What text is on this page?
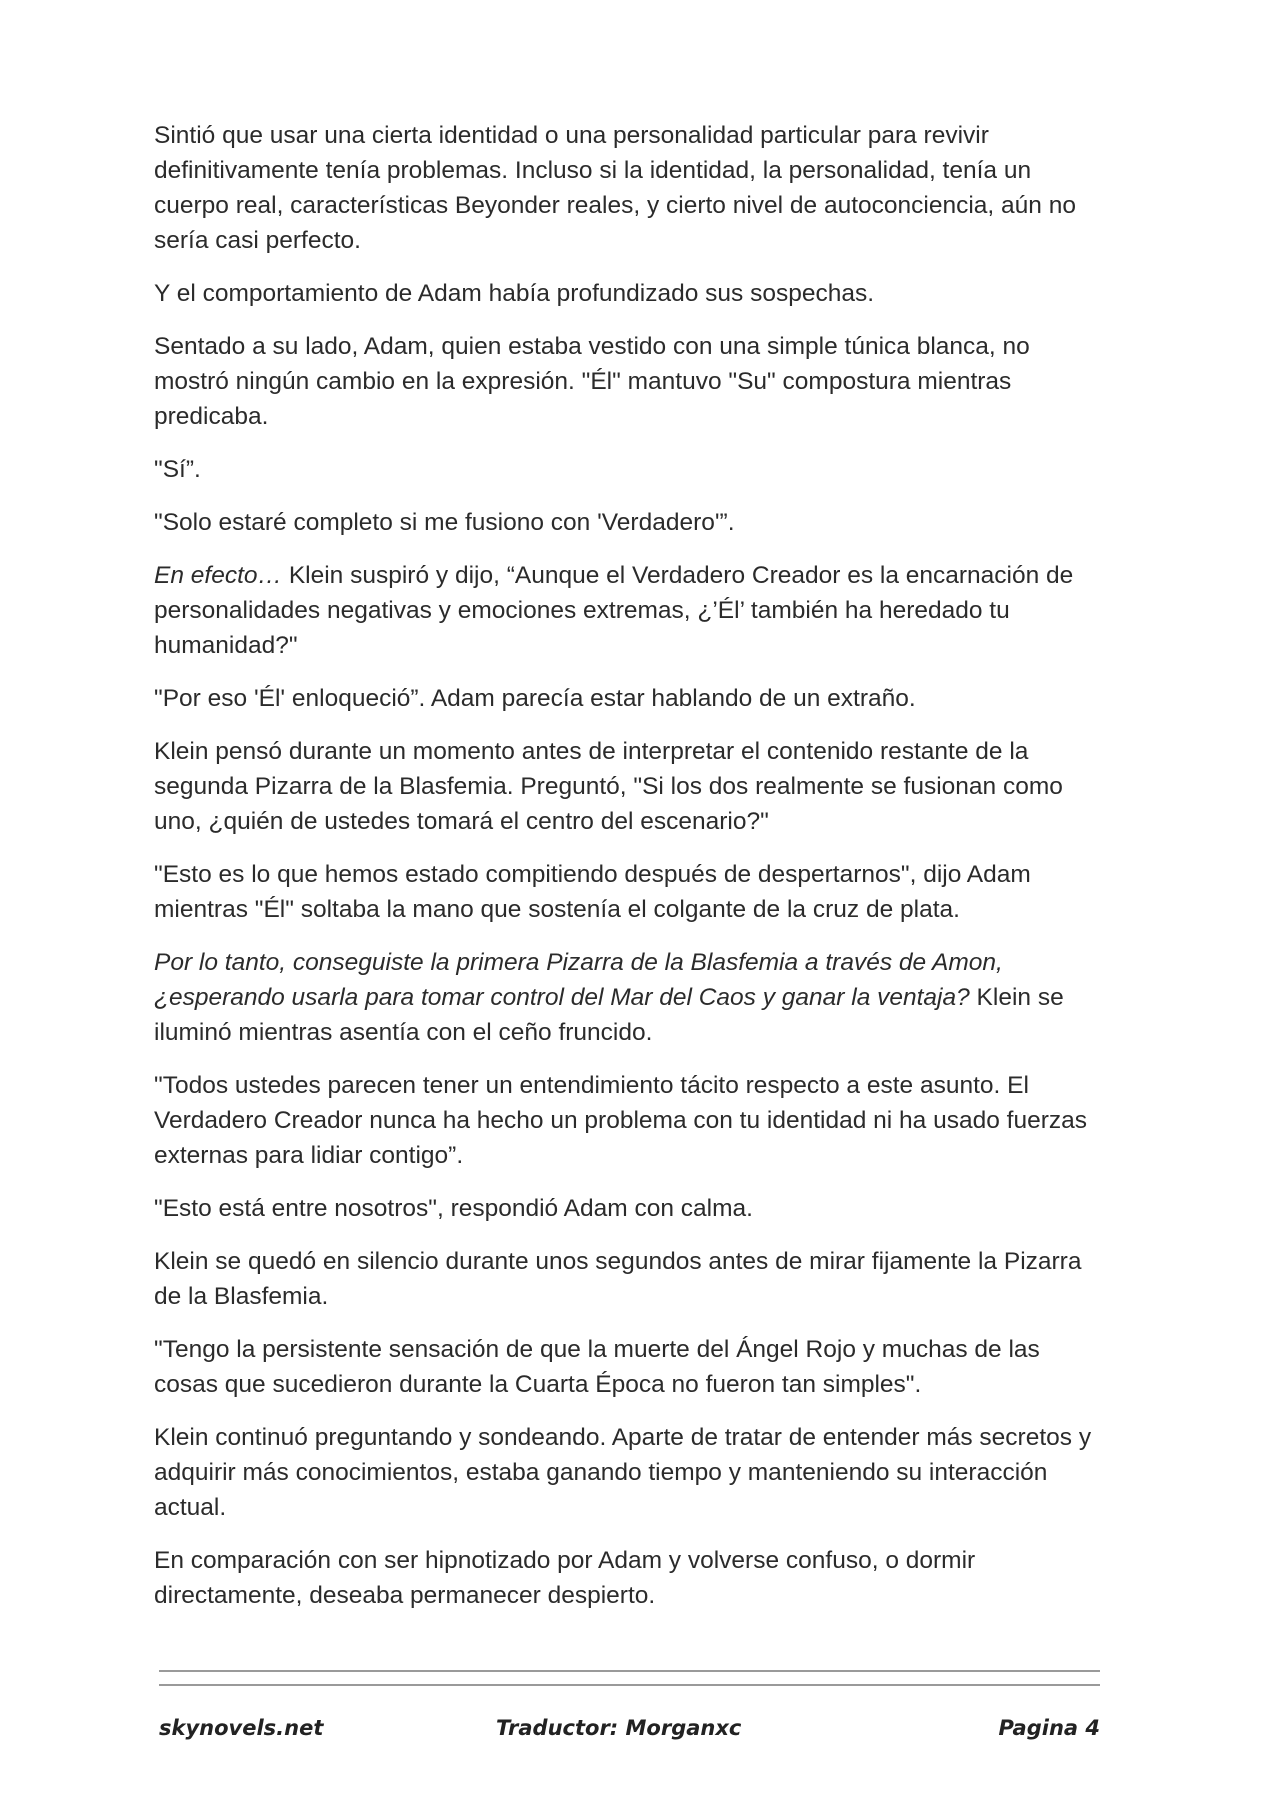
Sintió que usar una cierta identidad o una personalidad particular para revivir definitivamente tenía problemas. Incluso si la identidad, la personalidad, tenía un cuerpo real, características Beyonder reales, y cierto nivel de autoconciencia, aún no sería casi perfecto.

Y el comportamiento de Adam había profundizado sus sospechas.

Sentado a su lado, Adam, quien estaba vestido con una simple túnica blanca, no mostró ningún cambio en la expresión. "Él" mantuvo "Su" compostura mientras predicaba.

"Sí”.

"Solo estaré completo si me fusiono con 'Verdadero'”.

En efecto… Klein suspiró y dijo, “Aunque el Verdadero Creador es la encarnación de personalidades negativas y emociones extremas, ¿’Él’ también ha heredado tu humanidad?"

"Por eso 'Él' enloqueció”. Adam parecía estar hablando de un extraño.

Klein pensó durante un momento antes de interpretar el contenido restante de la segunda Pizarra de la Blasfemia. Preguntó, "Si los dos realmente se fusionan como uno, ¿quién de ustedes tomará el centro del escenario?"

"Esto es lo que hemos estado compitiendo después de despertarnos", dijo Adam mientras "Él" soltaba la mano que sostenía el colgante de la cruz de plata.

Por lo tanto, conseguiste la primera Pizarra de la Blasfemia a través de Amon, ¿esperando usarla para tomar control del Mar del Caos y ganar la ventaja? Klein se iluminó mientras asentía con el ceño fruncido.

"Todos ustedes parecen tener un entendimiento tácito respecto a este asunto. El Verdadero Creador nunca ha hecho un problema con tu identidad ni ha usado fuerzas externas para lidiar contigo”.

"Esto está entre nosotros", respondió Adam con calma.

Klein se quedó en silencio durante unos segundos antes de mirar fijamente la Pizarra de la Blasfemia.

"Tengo la persistente sensación de que la muerte del Ángel Rojo y muchas de las cosas que sucedieron durante la Cuarta Época no fueron tan simples".

Klein continuó preguntando y sondeando. Aparte de tratar de entender más secretos y adquirir más conocimientos, estaba ganando tiempo y manteniendo su interacción actual.

En comparación con ser hipnotizado por Adam y volverse confuso, o dormir directamente, deseaba permanecer despierto.

skynovels.net	Traductor: Morganxc	Pagina 4
